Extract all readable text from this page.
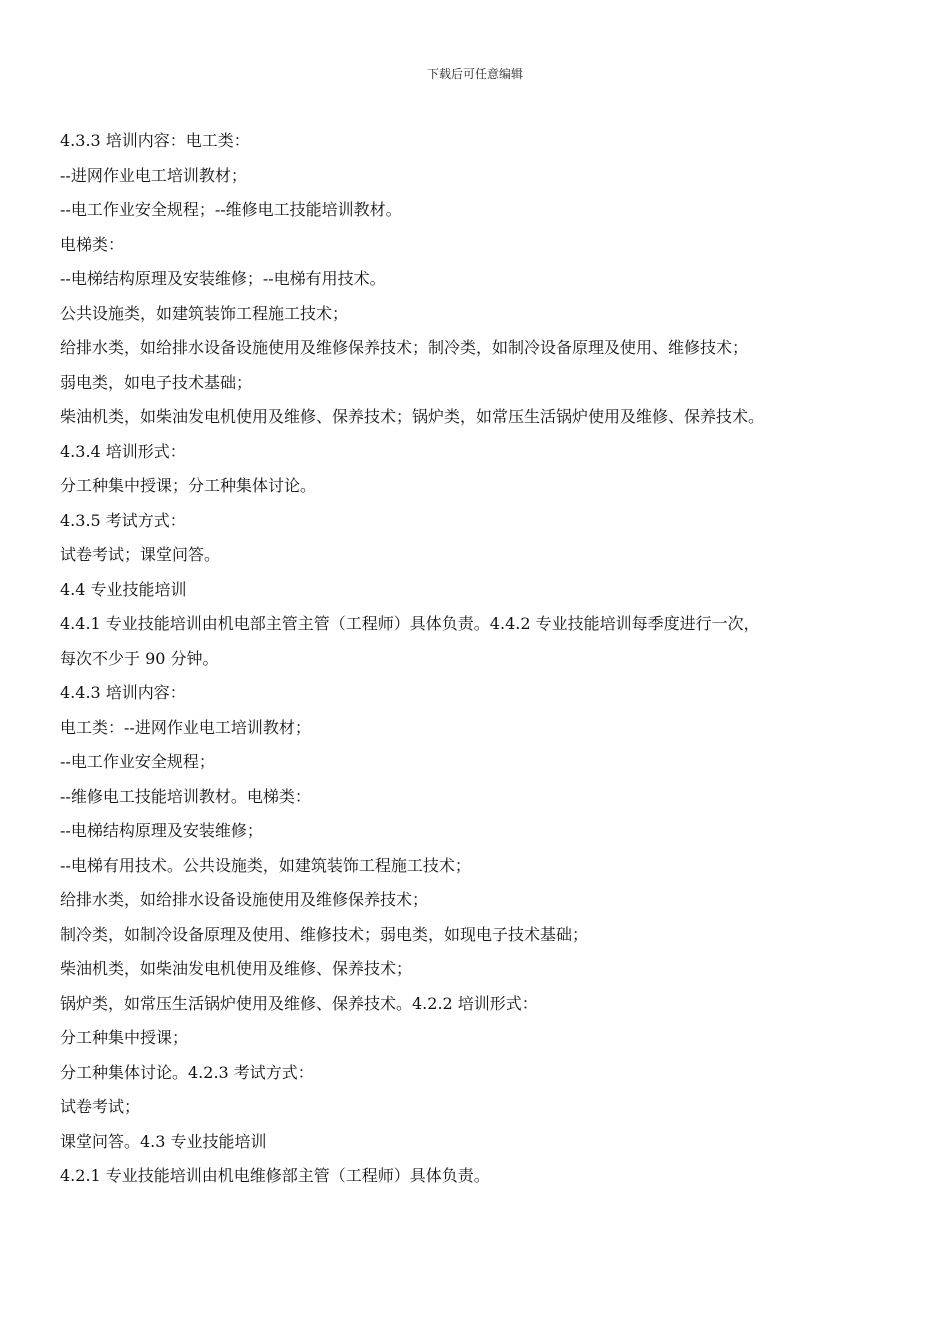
下载后可任意编辑
4.3.3 培训内容：电工类：
--进网作业电工培训教材；
--电工作业安全规程；--维修电工技能培训教材。
电梯类：
--电梯结构原理及安装维修；--电梯有用技术。
公共设施类，如建筑装饰工程施工技术；
给排水类，如给排水设备设施使用及维修保养技术；制冷类，如制冷设备原理及使用、维修技术；
弱电类，如电子技术基础；
柴油机类，如柴油发电机使用及维修、保养技术；锅炉类，如常压生活锅炉使用及维修、保养技术。
4.3.4 培训形式：
分工种集中授课；分工种集体讨论。
4.3.5 考试方式：
试卷考试；课堂问答。
4.4 专业技能培训
4.4.1 专业技能培训由机电部主管主管（工程师）具体负责。4.4.2 专业技能培训每季度进行一次，
每次不少于 90 分钟。
4.4.3 培训内容：
电工类：--进网作业电工培训教材；
--电工作业安全规程；
--维修电工技能培训教材。电梯类：
--电梯结构原理及安装维修；
--电梯有用技术。公共设施类，如建筑装饰工程施工技术；
给排水类，如给排水设备设施使用及维修保养技术；
制冷类，如制冷设备原理及使用、维修技术；弱电类，如现电子技术基础；
柴油机类，如柴油发电机使用及维修、保养技术；
锅炉类，如常压生活锅炉使用及维修、保养技术。4.2.2 培训形式：
分工种集中授课；
分工种集体讨论。4.2.3 考试方式：
试卷考试；
课堂问答。4.3 专业技能培训
4.2.1 专业技能培训由机电维修部主管（工程师）具体负责。
